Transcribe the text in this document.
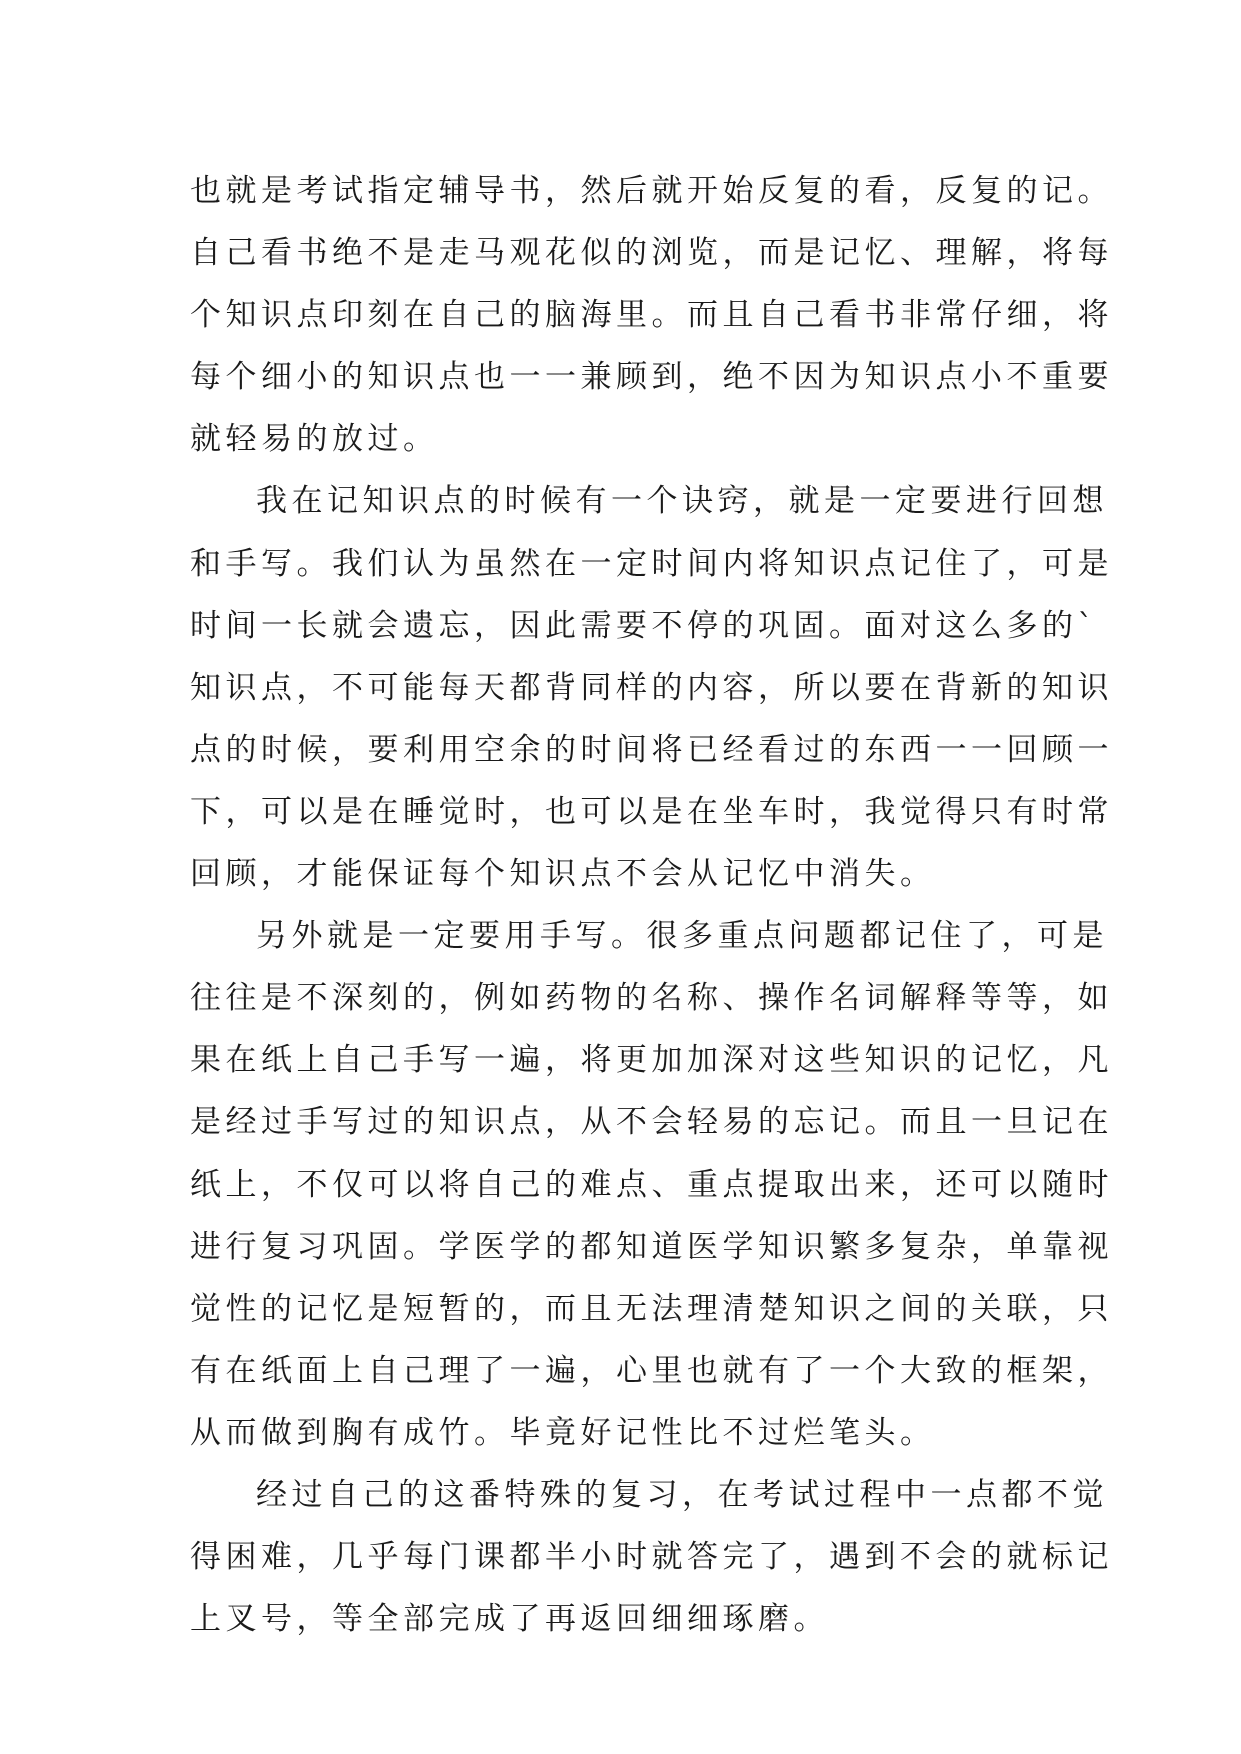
也就是考试指定辅导书，然后就开始反复的看，反复的记。
自己看书绝不是走马观花似的浏览，而是记忆、理解，将每
个知识点印刻在自己的脑海里。而且自己看书非常仔细，将
每个细小的知识点也一一兼顾到，绝不因为知识点小不重要
就轻易的放过。
我在记知识点的时候有一个诀窍，就是一定要进行回想
和手写。我们认为虽然在一定时间内将知识点记住了，可是
时间一长就会遗忘，因此需要不停的巩固。面对这么多的`
知识点，不可能每天都背同样的内容，所以要在背新的知识
点的时候，要利用空余的时间将已经看过的东西一一回顾一
下，可以是在睡觉时，也可以是在坐车时，我觉得只有时常
回顾，才能保证每个知识点不会从记忆中消失。
另外就是一定要用手写。很多重点问题都记住了，可是
往往是不深刻的，例如药物的名称、操作名词解释等等，如
果在纸上自己手写一遍，将更加加深对这些知识的记忆，凡
是经过手写过的知识点，从不会轻易的忘记。而且一旦记在
纸上，不仅可以将自己的难点、重点提取出来，还可以随时
进行复习巩固。学医学的都知道医学知识繁多复杂，单靠视
觉性的记忆是短暂的，而且无法理清楚知识之间的关联，只
有在纸面上自己理了一遍，心里也就有了一个大致的框架，
从而做到胸有成竹。毕竟好记性比不过烂笔头。
经过自己的这番特殊的复习，在考试过程中一点都不觉
得困难，几乎每门课都半小时就答完了，遇到不会的就标记
上叉号，等全部完成了再返回细细琢磨。
